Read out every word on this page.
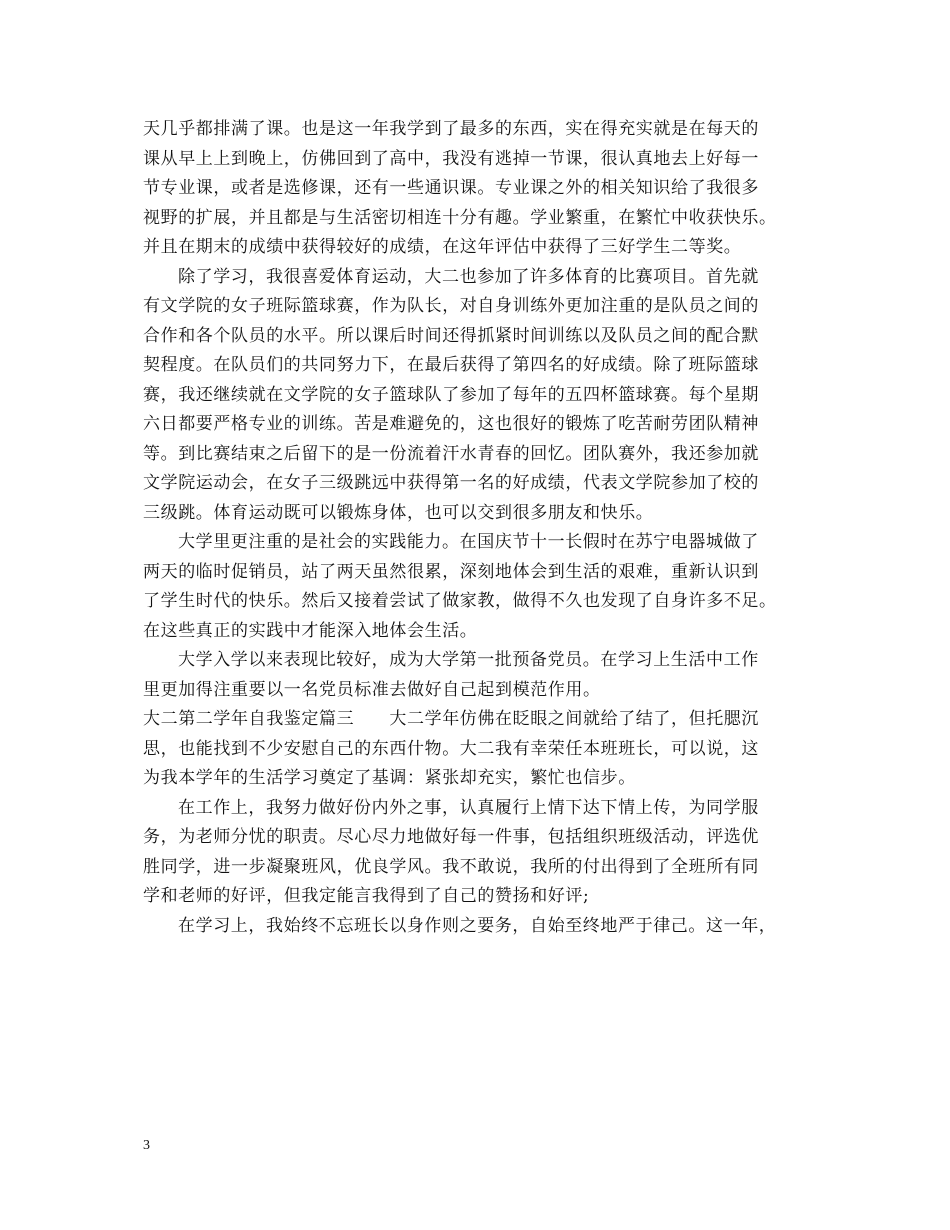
天几乎都排满了课。也是这一年我学到了最多的东西，实在得充实就是在每天的
课从早上上到晚上，仿佛回到了高中，我没有逃掉一节课，很认真地去上好每一
节专业课，或者是选修课，还有一些通识课。专业课之外的相关知识给了我很多
视野的扩展，并且都是与生活密切相连十分有趣。学业繁重，在繁忙中收获快乐。
并且在期末的成绩中获得较好的成绩，在这年评估中获得了三好学生二等奖。
除了学习，我很喜爱体育运动，大二也参加了许多体育的比赛项目。首先就
有文学院的女子班际篮球赛，作为队长，对自身训练外更加注重的是队员之间的
合作和各个队员的水平。所以课后时间还得抓紧时间训练以及队员之间的配合默
契程度。在队员们的共同努力下，在最后获得了第四名的好成绩。除了班际篮球
赛，我还继续就在文学院的女子篮球队了参加了每年的五四杯篮球赛。每个星期
六日都要严格专业的训练。苦是难避免的，这也很好的锻炼了吃苦耐劳团队精神
等。到比赛结束之后留下的是一份流着汗水青春的回忆。团队赛外，我还参加就
文学院运动会，在女子三级跳远中获得第一名的好成绩，代表文学院参加了校的
三级跳。体育运动既可以锻炼身体，也可以交到很多朋友和快乐。
大学里更注重的是社会的实践能力。在国庆节十一长假时在苏宁电器城做了
两天的临时促销员，站了两天虽然很累，深刻地体会到生活的艰难，重新认识到
了学生时代的快乐。然后又接着尝试了做家教，做得不久也发现了自身许多不足。
在这些真正的实践中才能深入地体会生活。
大学入学以来表现比较好，成为大学第一批预备党员。在学习上生活中工作
里更加得注重要以一名党员标准去做好自己起到模范作用。
大二第二学年自我鉴定篇三　　大二学年仿佛在眨眼之间就给了结了，但托腮沉
思，也能找到不少安慰自己的东西什物。大二我有幸荣任本班班长，可以说，这
为我本学年的生活学习奠定了基调：紧张却充实，繁忙也信步。
在工作上，我努力做好份内外之事，认真履行上情下达下情上传，为同学服
务，为老师分忧的职责。尽心尽力地做好每一件事，包括组织班级活动，评选优
胜同学，进一步凝聚班风，优良学风。我不敢说，我所的付出得到了全班所有同
学和老师的好评，但我定能言我得到了自己的赞扬和好评;
在学习上，我始终不忘班长以身作则之要务，自始至终地严于律己。这一年，
3
